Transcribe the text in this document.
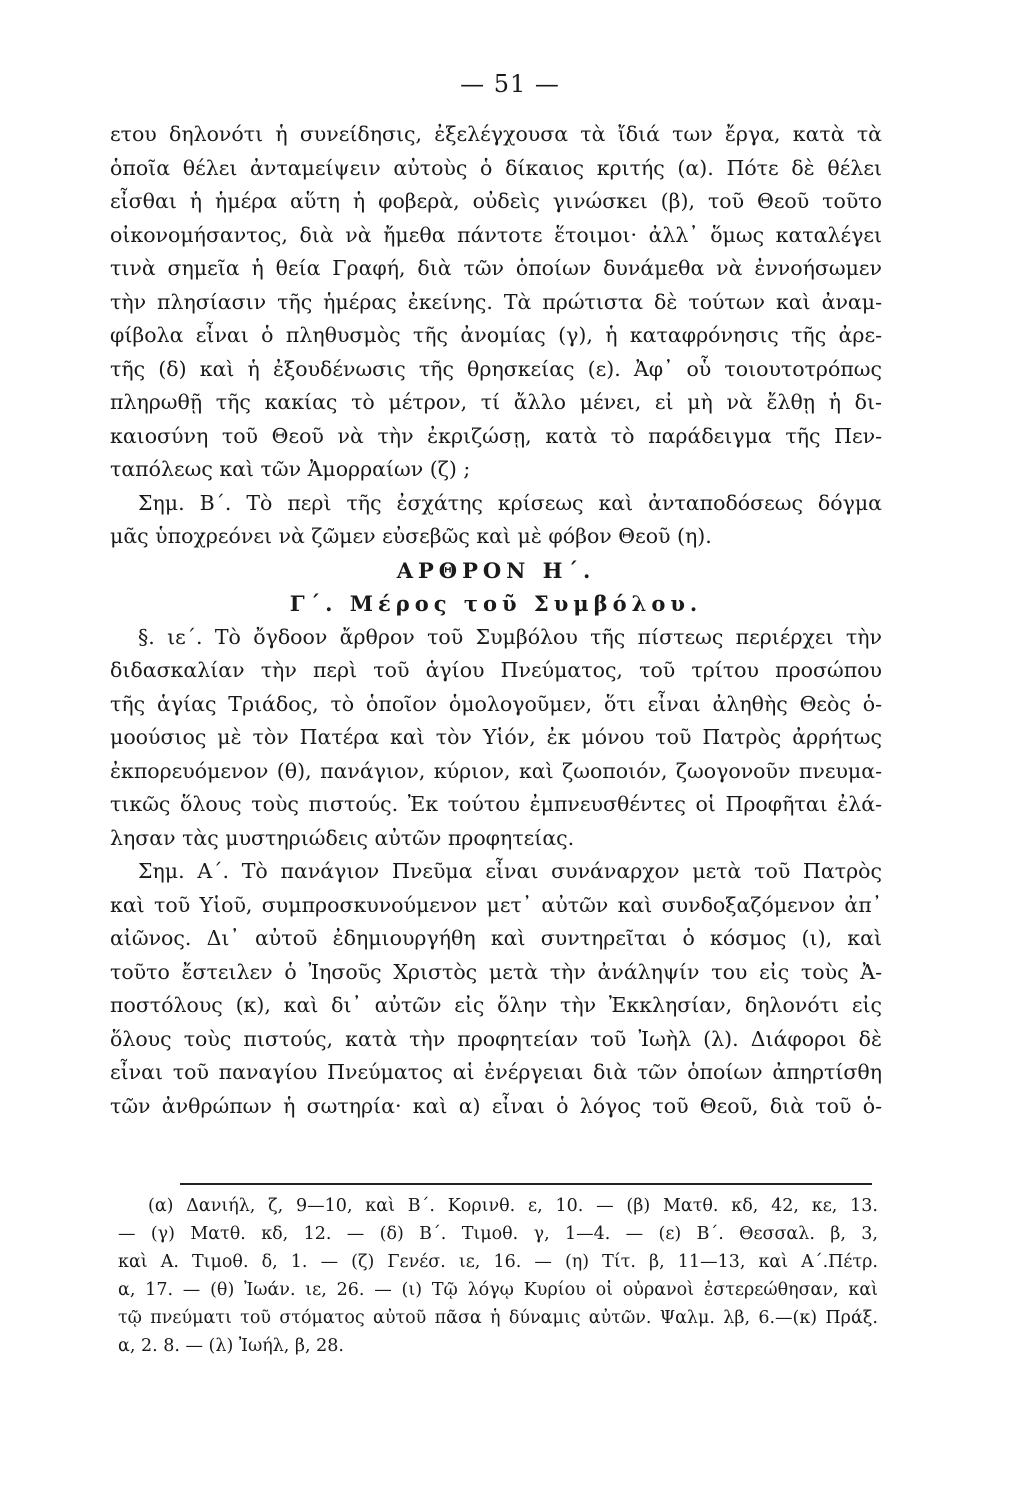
— 51 —
ετου δηλονότι ἡ συνείδησις, ἐξελέγχουσα τὰ ἴδιά των ἔργα, κατὰ τὰ
ὁποῖα θέλει ἀνταμείψειν αὐτοὺς ὁ δίκαιος κριτής (α). Πότε δὲ θέλει
εἶσθαι ἡ ἡμέρα αὕτη ἡ φοβερὰ, οὐδεὶς γινώσκει (β), τοῦ Θεοῦ τοῦτο
οἰκονομήσαντος, διὰ νὰ ἤμεθα πάντοτε ἕτοιμοι· ἀλλ᾽ ὅμως καταλέγει
τινὰ σημεῖα ἡ θεία Γραφή, διὰ τῶν ὁποίων δυνάμεθα νὰ ἐννοήσωμεν
τὴν πλησίασιν τῆς ἡμέρας ἐκείνης. Τὰ πρώτιστα δὲ τούτων καὶ ἀναμ-
φίβολα εἶναι ὁ πληθυσμὸς τῆς ἀνομίας (γ), ἡ καταφρόνησις τῆς ἀρε-
τῆς (δ) καὶ ἡ ἐξουδένωσις τῆς θρησκείας (ε). Ἀφ᾽ οὗ τοιουτοτρόπως
πληρωθῇ τῆς κακίας τὸ μέτρον, τί ἄλλο μένει, εἰ μὴ νὰ ἔλθῃ ἡ δι-
καιοσύνη τοῦ Θεοῦ νὰ τὴν ἐκριζώσῃ, κατὰ τὸ παράδειγμα τῆς Πεν-
ταπόλεως καὶ τῶν Ἀμορραίων (ζ) ;
Σημ. Β΄. Τὸ περὶ τῆς ἐσχάτης κρίσεως καὶ ἀνταποδόσεως δόγμα
μᾶς ὑποχρεόνει νὰ ζῶμεν εὐσεβῶς καὶ μὲ φόβον Θεοῦ (η).
ΑΡΘΡΟΝ Η΄.
Γ΄. Μέρος τοῦ Συμβόλου.
§. ιε΄. Τὸ ὄγδοον ἄρθρον τοῦ Συμβόλου τῆς πίστεως περιέρχει τὴν
διδασκαλίαν τὴν περὶ τοῦ ἁγίου Πνεύματος, τοῦ τρίτου προσώπου
τῆς ἁγίας Τριάδος, τὸ ὁποῖον ὁμολογοῦμεν, ὅτι εἶναι ἀληθὴς Θεὸς ὁ-
μοούσιος μὲ τὸν Πατέρα καὶ τὸν Υἱόν, ἐκ μόνου τοῦ Πατρὸς ἀρρήτως
ἐκπορευόμενον (θ), πανάγιον, κύριον, καὶ ζωοποιόν, ζωογονοῦν πνευμα-
τικῶς ὅλους τοὺς πιστούς. Ἐκ τούτου ἐμπνευσθέντες οἱ Προφῆται ἐλά-
λησαν τὰς μυστηριώδεις αὐτῶν προφητείας.
Σημ. Α΄. Τὸ πανάγιον Πνεῦμα εἶναι συνάναρχον μετὰ τοῦ Πατρὸς
καὶ τοῦ Υἱοῦ, συμπροσκυνούμενον μετ᾽ αὐτῶν καὶ συνδοξαζόμενον ἀπ᾽
αἰῶνος. Δι᾽ αὐτοῦ ἐδημιουργήθη καὶ συντηρεῖται ὁ κόσμος (ι), καὶ
τοῦτο ἔστειλεν ὁ Ἰησοῦς Χριστὸς μετὰ τὴν ἀνάληψίν του εἰς τοὺς Ἀ-
ποστόλους (κ), καὶ δι᾽ αὐτῶν εἰς ὅλην τὴν Ἐκκλησίαν, δηλονότι εἰς
ὅλους τοὺς πιστούς, κατὰ τὴν προφητείαν τοῦ Ἰωὴλ (λ). Διάφοροι δὲ
εἶναι τοῦ παναγίου Πνεύματος αἱ ἐνέργειαι διὰ τῶν ὁποίων ἀπηρτίσθη
τῶν ἀνθρώπων ἡ σωτηρία· καὶ α) εἶναι ὁ λόγος τοῦ Θεοῦ, διὰ τοῦ ὁ-
(α) Δανιήλ, ζ, 9—10, καὶ Β΄. Κορινθ. ε, 10. — (β) Ματθ. κδ, 42, κε, 13.
— (γ) Ματθ. κδ, 12. — (δ) Β΄. Τιμοθ. γ, 1—4. — (ε) Β΄. Θεσσαλ. β, 3,
καὶ Α. Τιμοθ. δ, 1. — (ζ) Γενέσ. ιε, 16. — (η) Τίτ. β, 11—13, καὶ Α΄.Πέτρ.
α, 17. — (θ) Ἰωάν. ιε, 26. — (ι) Τῷ λόγῳ Κυρίου οἱ οὐρανοὶ ἐστερεώθησαν, καὶ
τῷ πνεύματι τοῦ στόματος αὐτοῦ πᾶσα ἡ δύναμις αὐτῶν. Ψαλμ. λβ, 6.—(κ) Πράξ.
α, 2. 8. — (λ) Ἰωήλ, β, 28.
